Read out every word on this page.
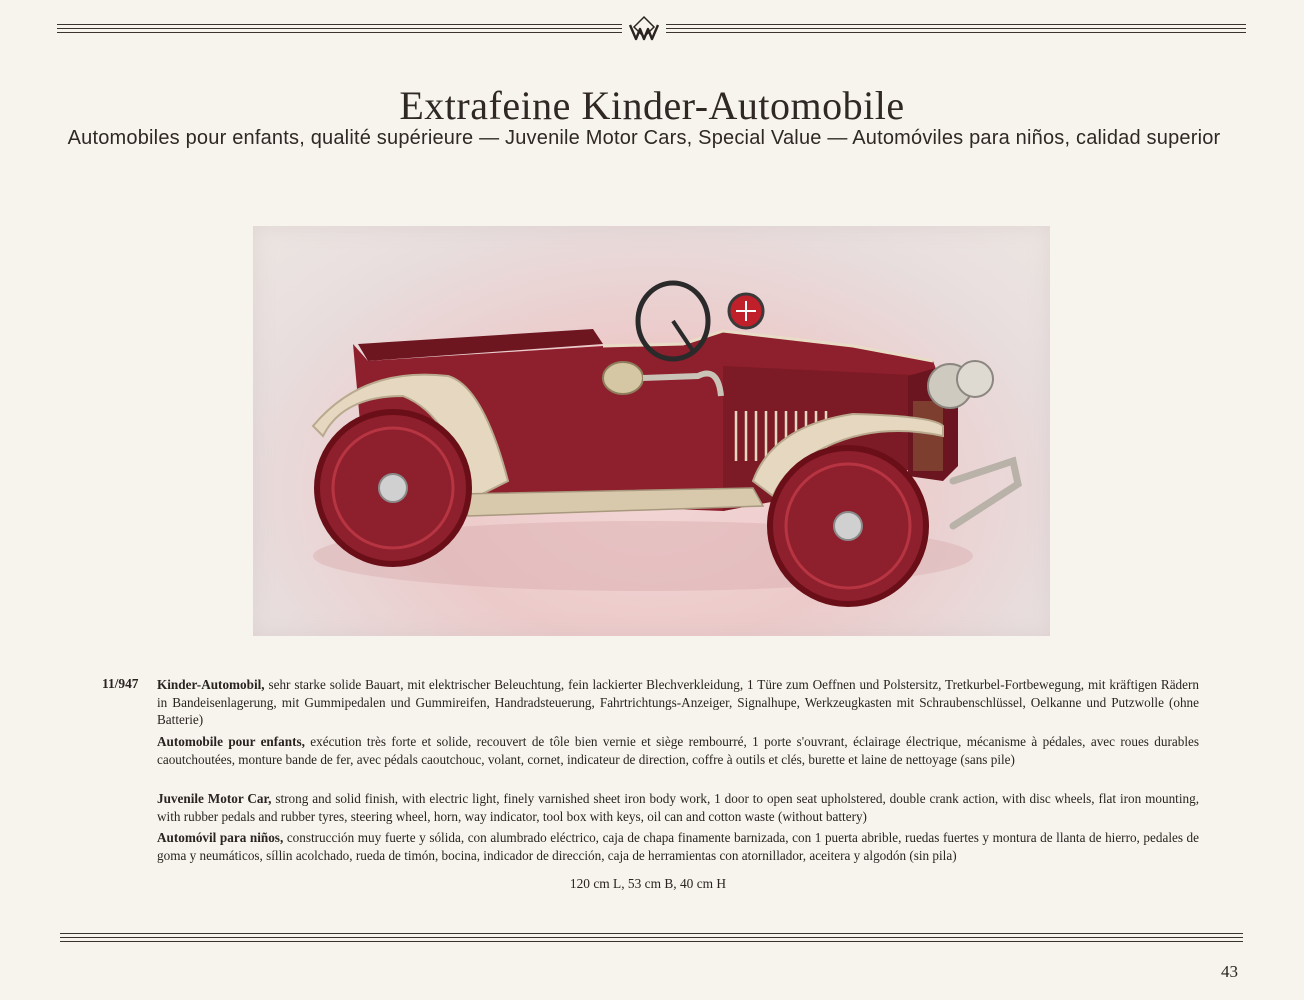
Extrafeine Kinder-Automobile
Automobiles pour enfants, qualité supérieure — Juvenile Motor Cars, Special Value — Automóviles para niños, calidad superior
11/947 Kinder-Automobil, sehr starke solide Bauart, mit elektrischer Beleuchtung, fein lackierter Blechverkleidung, 1 Türe zum Oeffnen und Polstersitz, Tretkurbel-Fortbewegung, mit kräftigen Rädern in Bandeisenlagerung, mit Gummipedalen und Gummireifen, Handradsteuerung, Fahrtrichtungs-Anzeiger, Signalhupe, Werkzeugkasten mit Schraubenschlüssel, Oelkanne und Putzwolle (ohne Batterie)
Automobile pour enfants, exécution très forte et solide, recouvert de tôle bien vernie et siège rembourré, 1 porte s'ouvrant, éclairage électrique, mécanisme à pédales, avec roues durables caoutchoutées, monture bande de fer, avec pédals caoutchouc, volant, cornet, indicateur de direction, coffre à outils et clés, burette et laine de nettoyage (sans pile)
Juvenile Motor Car, strong and solid finish, with electric light, finely varnished sheet iron body work, 1 door to open seat upholstered, double crank action, with disc wheels, flat iron mounting, with rubber pedals and rubber tyres, steering wheel, horn, way indicator, tool box with keys, oil can and cotton waste (without battery)
Automóvil para niños, construcción muy fuerte y sólida, con alumbrado eléctrico, caja de chapa finamente barnizada, con 1 puerta abrible, ruedas fuertes y montura de llanta de hierro, pedales de goma y neumáticos, síllin acolchado, rueda de timón, bocina, indicador de dirección, caja de herramientas con atornillador, aceitera y algodón (sin pila)
120 cm L, 53 cm B, 40 cm H
43
